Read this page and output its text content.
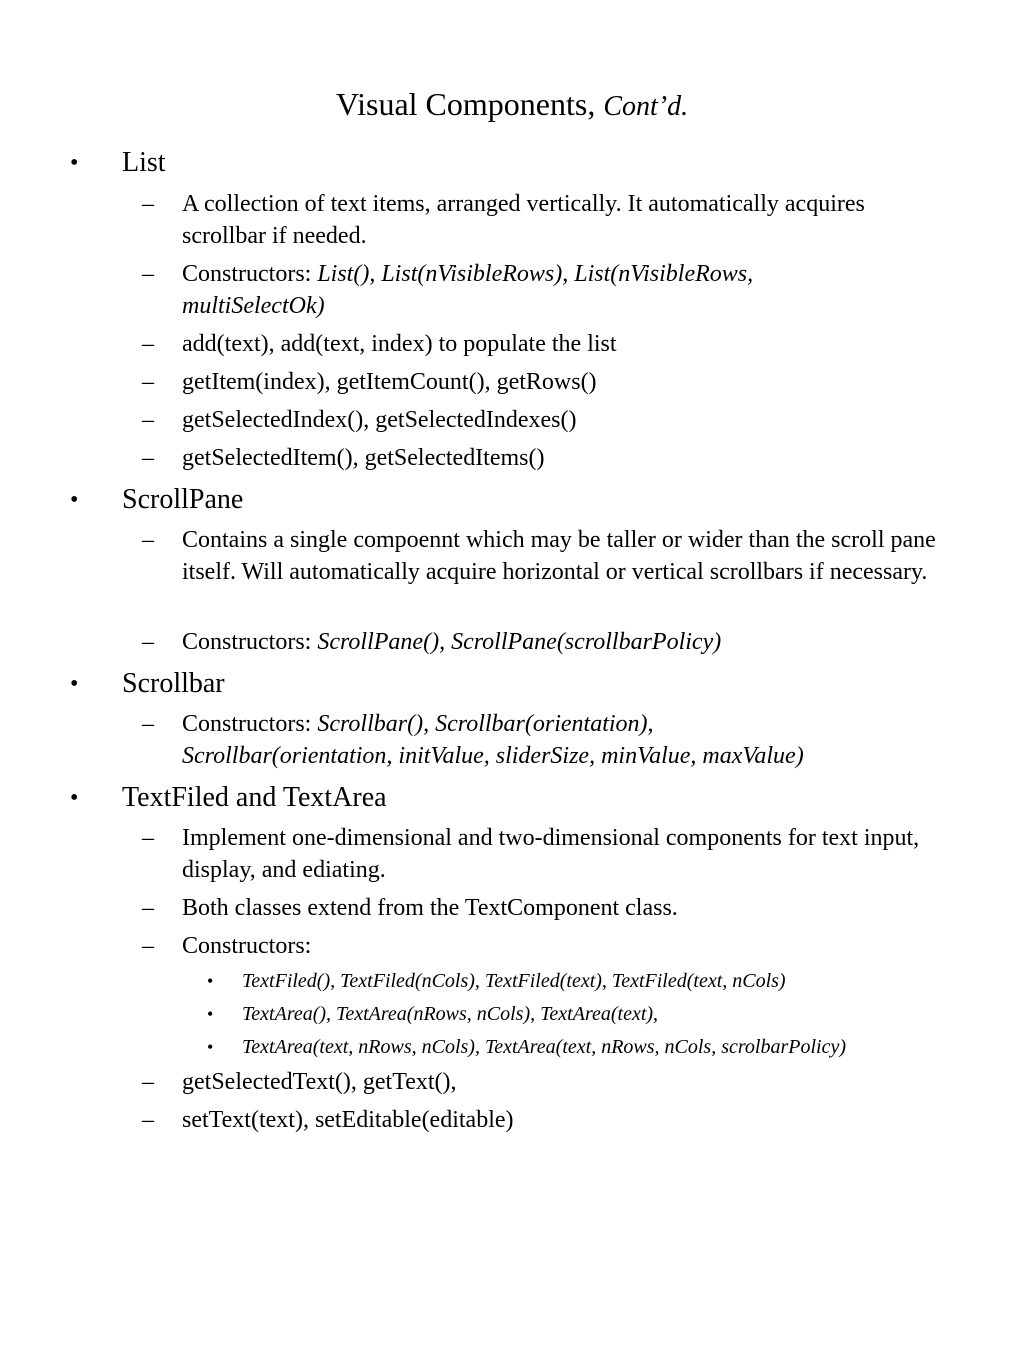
Visual Components, Cont’d.
• List
– A collection of text items, arranged vertically. It automatically acquires scrollbar if needed.
– Constructors: List(), List(nVisibleRows), List(nVisibleRows,
multiSelectOk)
– add(text), add(text, index) to populate the list
– getItem(index), getItemCount(), getRows()
– getSelectedIndex(), getSelectedIndexes()
– getSelectedItem(), getSelectedItems()
• ScrollPane
– Contains a single compoennt which may be taller or wider than the scroll pane itself. Will automatically acquire horizontal or vertical scrollbars if necessary.
– Constructors: ScrollPane(), ScrollPane(scrollbarPolicy)
• Scrollbar
– Constructors: Scrollbar(), Scrollbar(orientation),
Scrollbar(orientation, initValue, sliderSize, minValue, maxValue)
• TextFiled and TextArea
– Implement one-dimensional and two-dimensional components for text input, display, and ediating.
– Both classes extend from the TextComponent class.
– Constructors:
• TextFiled(), TextFiled(nCols), TextFiled(text), TextFiled(text, nCols)
• TextArea(), TextArea(nRows, nCols), TextArea(text),
• TextArea(text, nRows, nCols), TextArea(text, nRows, nCols, scrolbarPolicy)
– getSelectedText(), getText(),
– setText(text), setEditable(editable)
